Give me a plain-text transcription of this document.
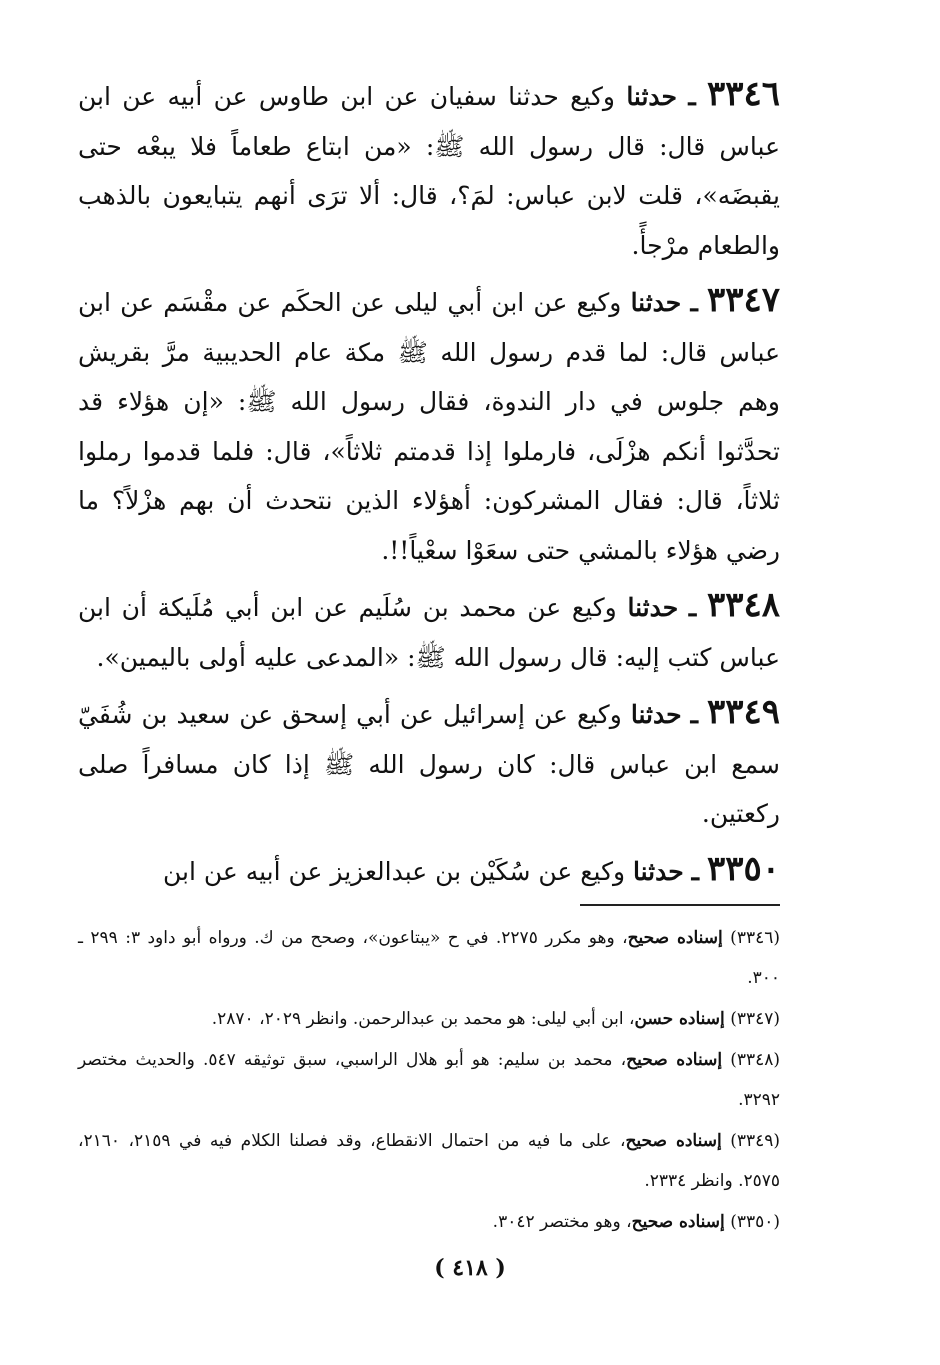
٣٣٤٦ ـ حدثنا وكيع حدثنا سفيان عن ابن طاوس عن أبيه عن ابن عباس قال: قال رسول الله ﷺ: «من ابتاع طعاماً فلا يبعْه حتى يقبضَه»، قلت لابن عباس: لمَ؟، قال: ألا ترَى أنهم يتبايعون بالذهب والطعام مرْجأً.

٣٣٤٧ ـ حدثنا وكيع عن ابن أبي ليلى عن الحكَم عن مقْسَم عن ابن عباس قال: لما قدم رسول الله ﷺ مكة عام الحديبية مرَّ بقريش وهم جلوس في دار الندوة، فقال رسول الله ﷺ: «إن هؤلاء قد تحدَّثوا أنكم هزْلَى، فارملوا إذا قدمتم ثلاثاً»، قال: فلما قدموا رملوا ثلاثاً، قال: فقال المشركون: أهؤلاء الذين نتحدث أن بهم هزْلاً؟ ما رضي هؤلاء بالمشي حتى سعَوْا سعْياً!!.

٣٣٤٨ ـ حدثنا وكيع عن محمد بن سُلَيم عن ابن أبي مُلَيكة أن ابن عباس كتب إليه: قال رسول الله ﷺ: «المدعى عليه أولى باليمين».

٣٣٤٩ ـ حدثنا وكيع عن إسرائيل عن أبي إسحق عن سعيد بن شُفَيّ سمع ابن عباس قال: كان رسول الله ﷺ إذا كان مسافراً صلى ركعتين.

٣٣٥٠ ـ حدثنا وكيع عن سُكَيْن بن عبدالعزيز عن أبيه عن ابن

(٣٣٤٦) إسناده صحيح، وهو مكرر ٢٢٧٥. في ح «يبتاعون»، وصحح من ك. ورواه أبو داود ٣: ٢٩٩ ـ ٣٠٠.

(٣٣٤٧) إسناده حسن، ابن أبي ليلى: هو محمد بن عبدالرحمن. وانظر ٢٠٢٩، ٢٨٧٠.

(٣٣٤٨) إسناده صحيح، محمد بن سليم: هو أبو هلال الراسبي، سبق توثيقه ٥٤٧. والحديث مختصر ٣٢٩٢.

(٣٣٤٩) إسناده صحيح، على ما فيه من احتمال الانقطاع، وقد فصلنا الكلام فيه في ٢١٥٩، ٢١٦٠، ٢٥٧٥. وانظر ٢٣٣٤.

(٣٣٥٠) إسناده صحيح، وهو مختصر ٣٠٤٢.

( ٤١٨ )
